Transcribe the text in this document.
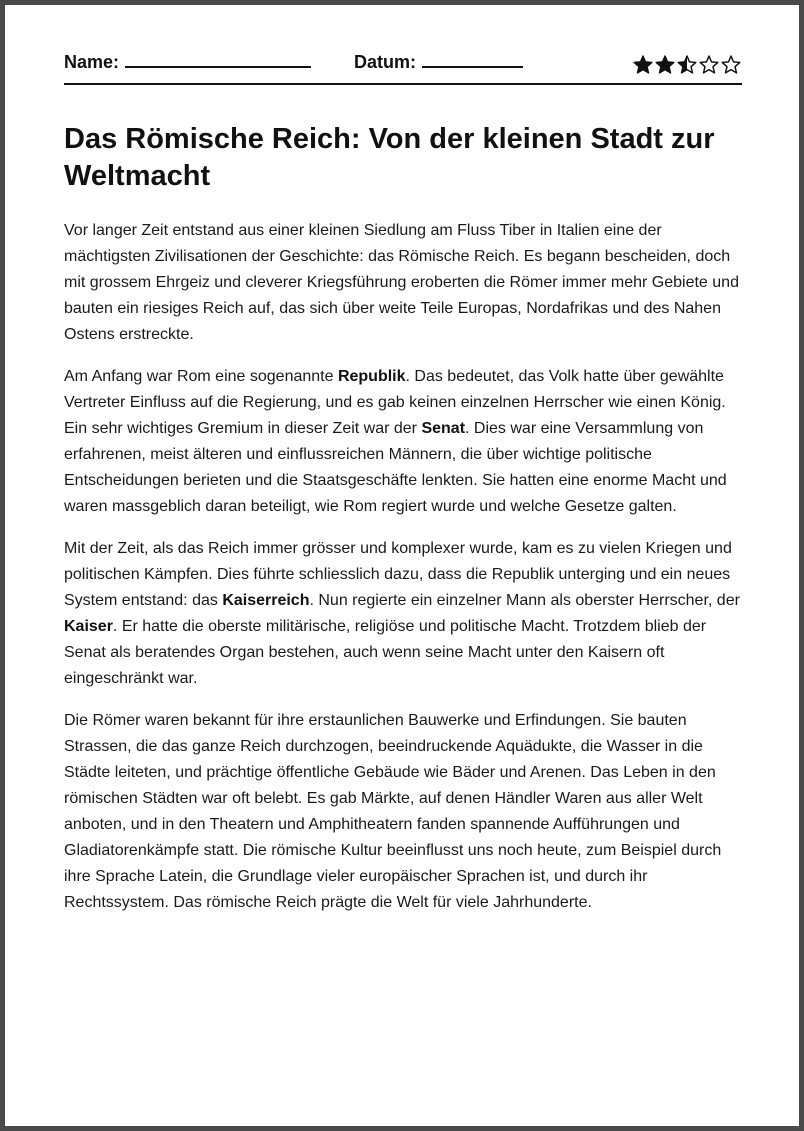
Name:	Datum:
Das Römische Reich: Von der kleinen Stadt zur Weltmacht

Vor langer Zeit entstand aus einer kleinen Siedlung am Fluss Tiber in Italien eine der mächtigsten Zivilisationen der Geschichte: das Römische Reich. Es begann bescheiden, doch mit grossem Ehrgeiz und cleverer Kriegsführung eroberten die Römer immer mehr Gebiete und bauten ein riesiges Reich auf, das sich über weite Teile Europas, Nordafrikas und des Nahen Ostens erstreckte.

Am Anfang war Rom eine sogenannte Republik. Das bedeutet, das Volk hatte über gewählte Vertreter Einfluss auf die Regierung, und es gab keinen einzelnen Herrscher wie einen König. Ein sehr wichtiges Gremium in dieser Zeit war der Senat. Dies war eine Versammlung von erfahrenen, meist älteren und einflussreichen Männern, die über wichtige politische Entscheidungen berieten und die Staatsgeschäfte lenkten. Sie hatten eine enorme Macht und waren massgeblich daran beteiligt, wie Rom regiert wurde und welche Gesetze galten.

Mit der Zeit, als das Reich immer grösser und komplexer wurde, kam es zu vielen Kriegen und politischen Kämpfen. Dies führte schliesslich dazu, dass die Republik unterging und ein neues System entstand: das Kaiserreich. Nun regierte ein einzelner Mann als oberster Herrscher, der Kaiser. Er hatte die oberste militärische, religiöse und politische Macht. Trotzdem blieb der Senat als beratendes Organ bestehen, auch wenn seine Macht unter den Kaisern oft eingeschränkt war.

Die Römer waren bekannt für ihre erstaunlichen Bauwerke und Erfindungen. Sie bauten Strassen, die das ganze Reich durchzogen, beeindruckende Aquädukte, die Wasser in die Städte leiteten, und prächtige öffentliche Gebäude wie Bäder und Arenen. Das Leben in den römischen Städten war oft belebt. Es gab Märkte, auf denen Händler Waren aus aller Welt anboten, und in den Theatern und Amphitheatern fanden spannende Aufführungen und Gladiatorenkämpfe statt. Die römische Kultur beeinflusst uns noch heute, zum Beispiel durch ihre Sprache Latein, die Grundlage vieler europäischer Sprachen ist, und durch ihr Rechtssystem. Das römische Reich prägte die Welt für viele Jahrhunderte.
